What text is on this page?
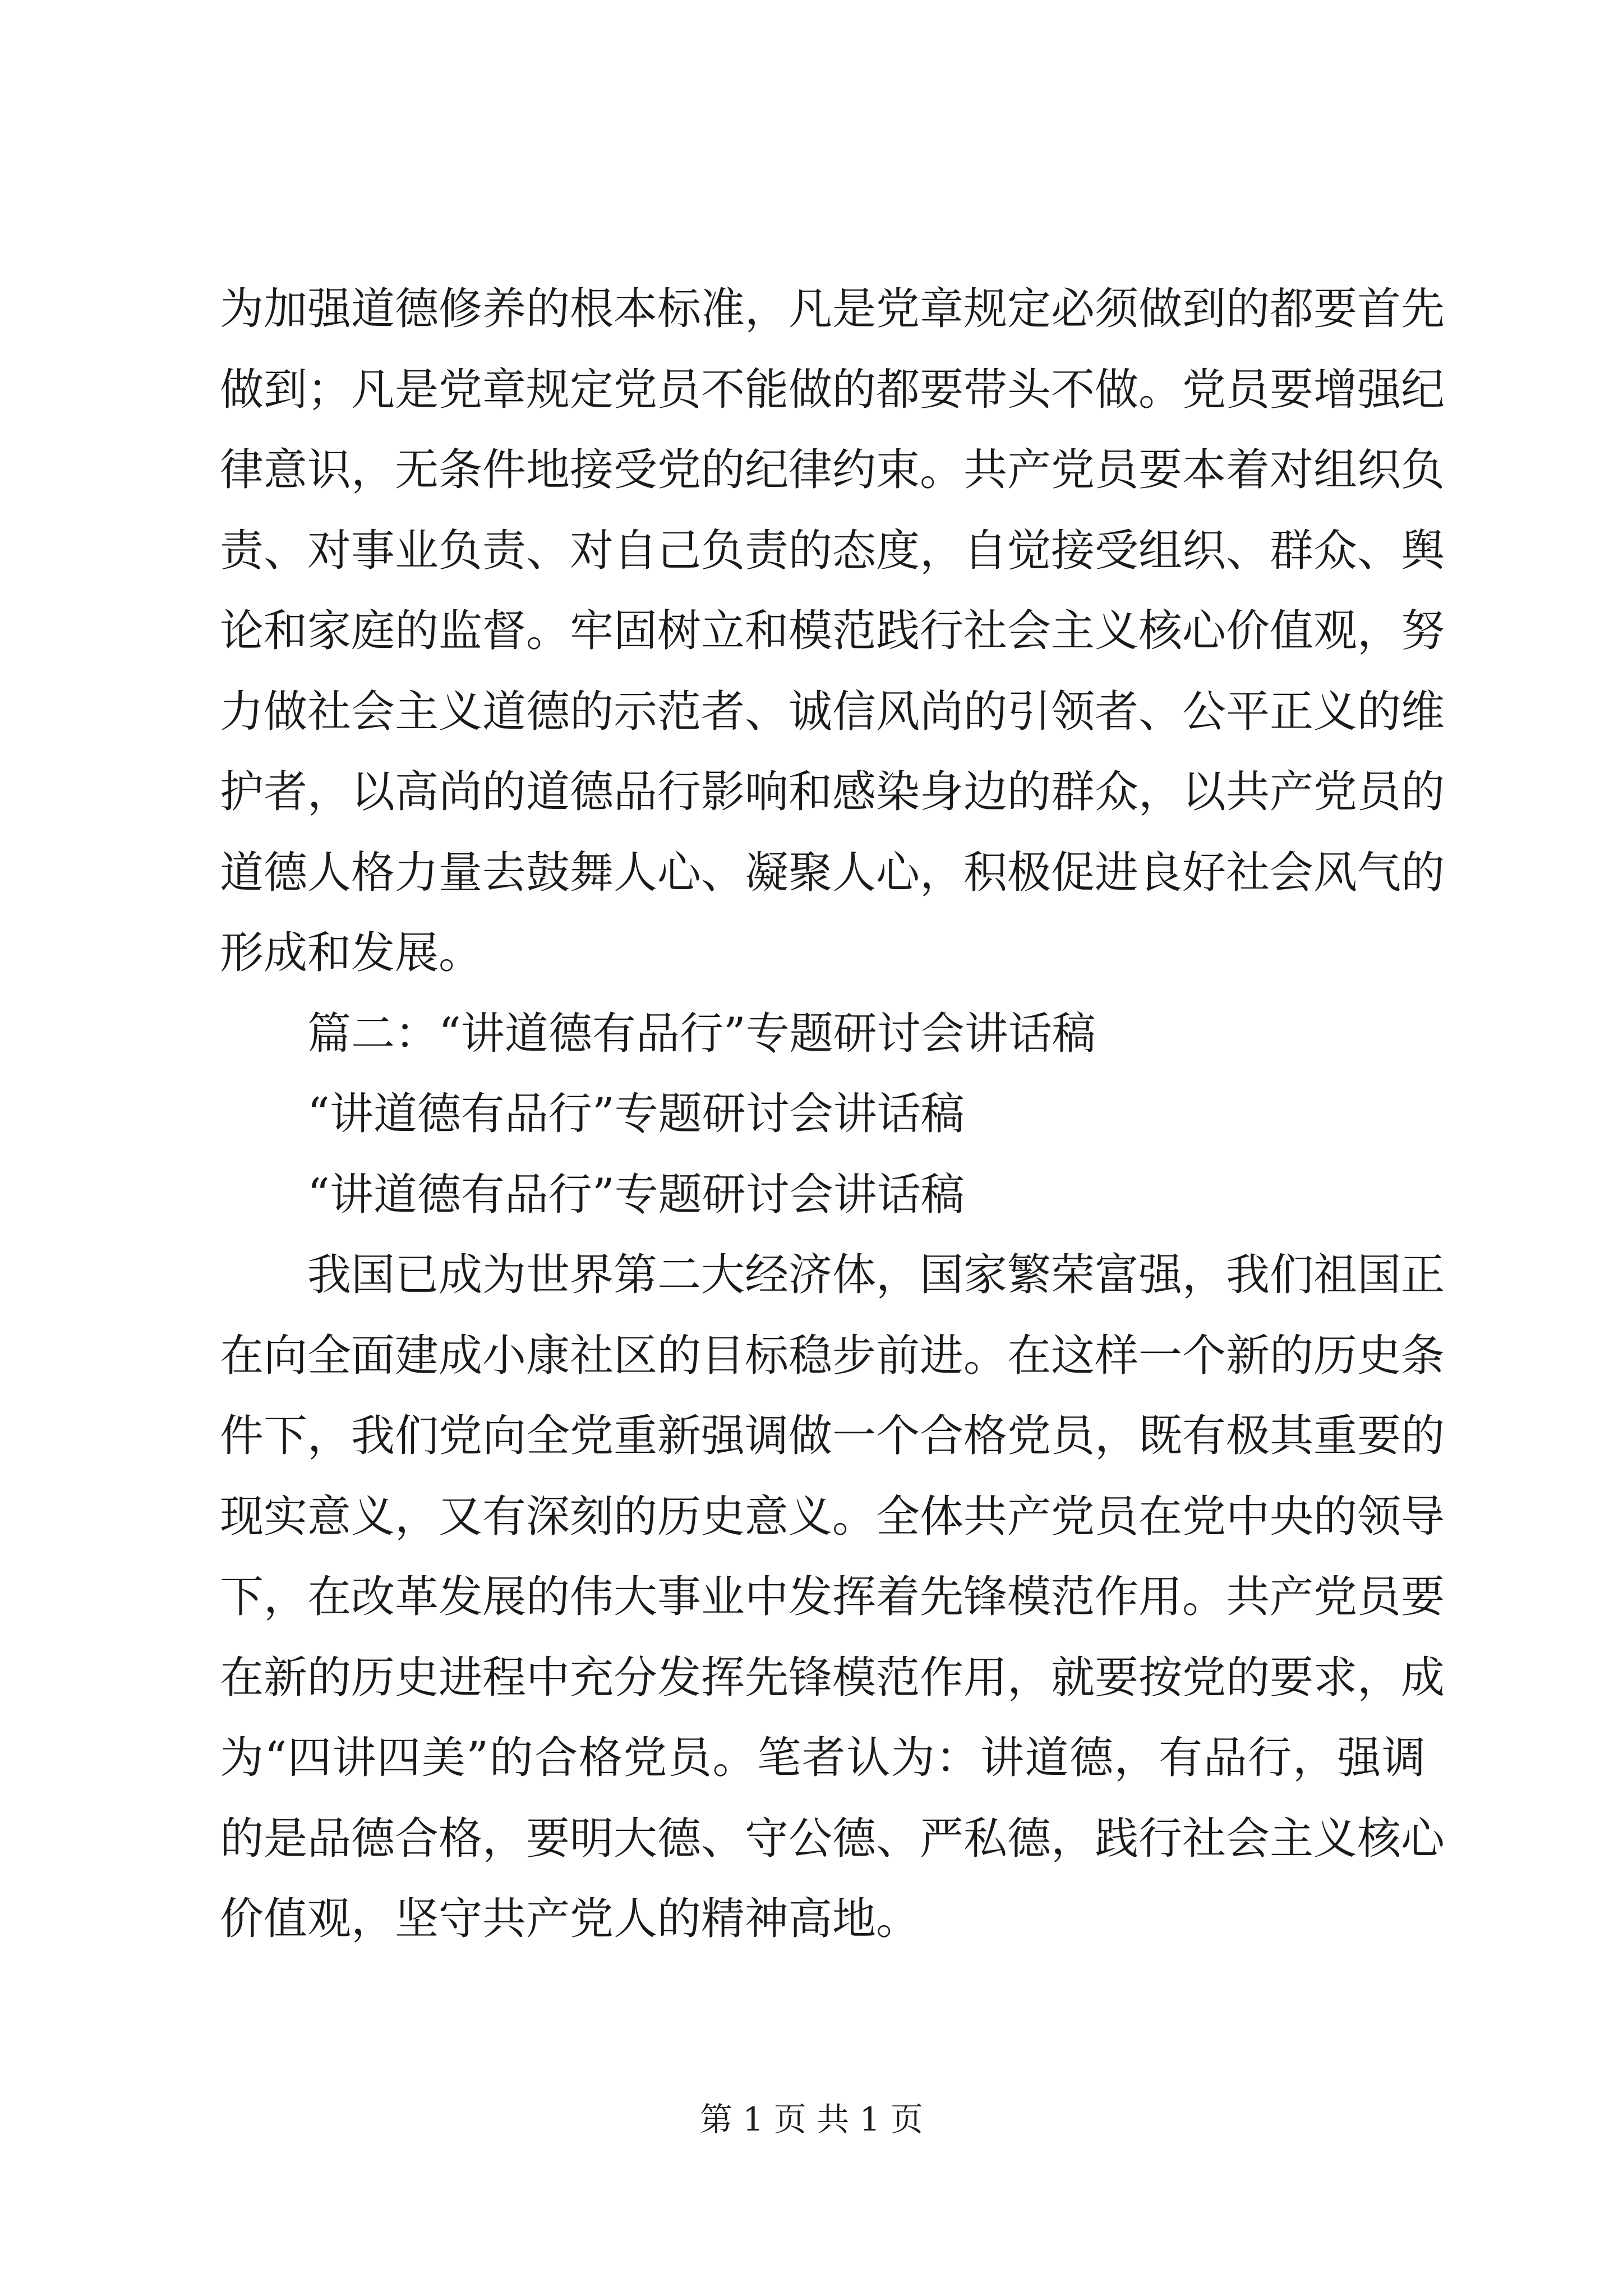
为加强道德修养的根本标准，凡是党章规定必须做到的都要首先
做到；凡是党章规定党员不能做的都要带头不做。党员要增强纪
律意识，无条件地接受党的纪律约束。共产党员要本着对组织负
责、对事业负责、对自己负责的态度，自觉接受组织、群众、舆
论和家庭的监督。牢固树立和模范践行社会主义核心价值观，努
力做社会主义道德的示范者、诚信风尚的引领者、公平正义的维
护者，以高尚的道德品行影响和感染身边的群众，以共产党员的
道德人格力量去鼓舞人心、凝聚人心，积极促进良好社会风气的
形成和发展。
篇二：“讲道德有品行”专题研讨会讲话稿
“讲道德有品行”专题研讨会讲话稿
“讲道德有品行”专题研讨会讲话稿
我国已成为世界第二大经济体，国家繁荣富强，我们祖国正
在向全面建成小康社区的目标稳步前进。在这样一个新的历史条
件下，我们党向全党重新强调做一个合格党员，既有极其重要的
现实意义，又有深刻的历史意义。全体共产党员在党中央的领导
下，在改革发展的伟大事业中发挥着先锋模范作用。共产党员要
在新的历史进程中充分发挥先锋模范作用，就要按党的要求，成
为“四讲四美”的合格党员。笔者认为：讲道德，有品行，强调
的是品德合格，要明大德、守公德、严私德，践行社会主义核心
价值观，坚守共产党人的精神高地。
第 1 页 共 1 页
